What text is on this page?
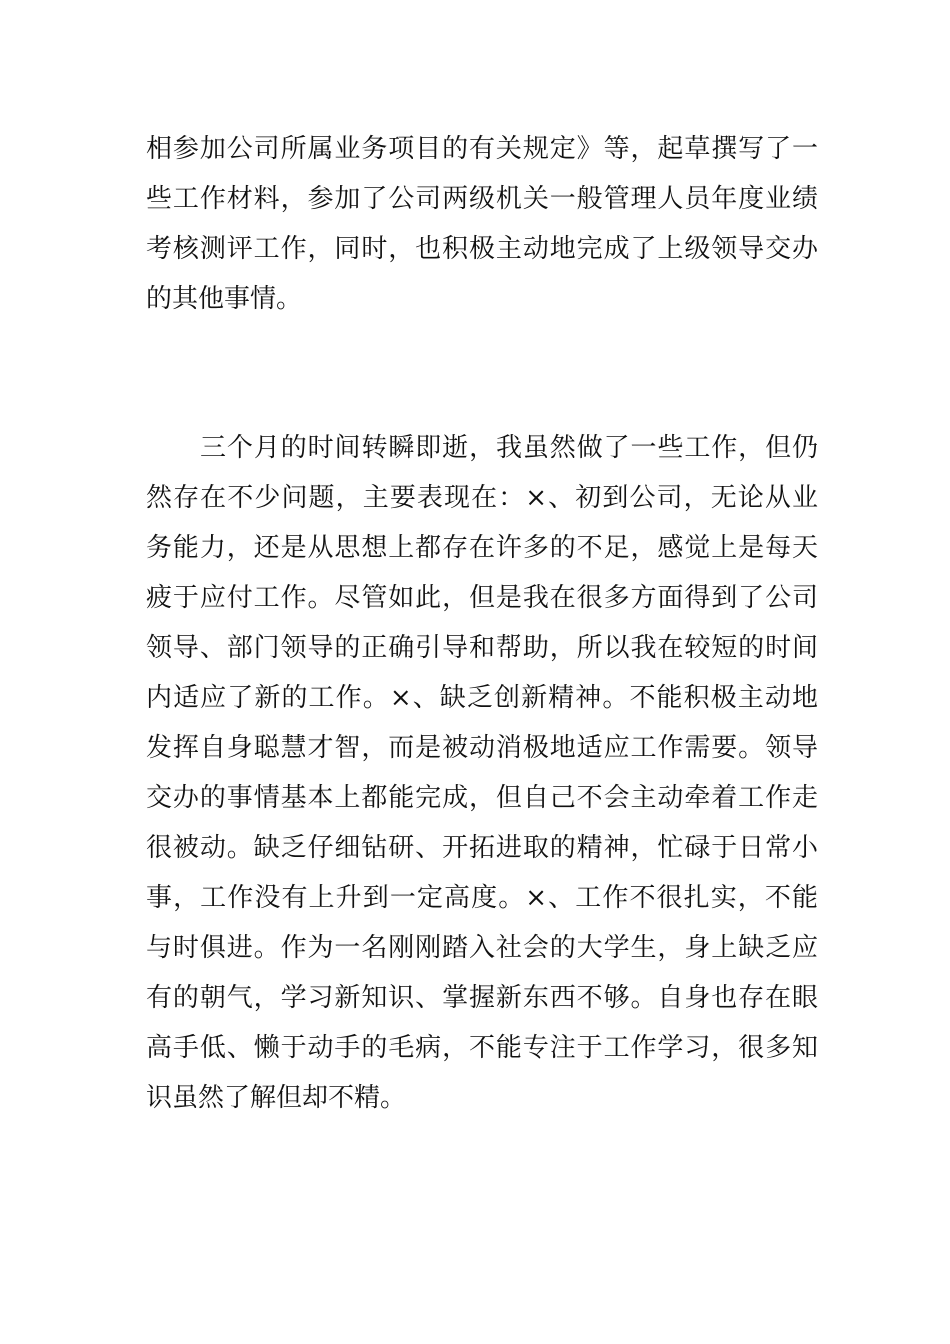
相参加公司所属业务项目的有关规定》等，起草撰写了一
些工作材料，参加了公司两级机关一般管理人员年度业绩
考核测评工作，同时，也积极主动地完成了上级领导交办
的其他事情。
三个月的时间转瞬即逝，我虽然做了一些工作，但仍
然存在不少问题，主要表现在：×、初到公司，无论从业
务能力，还是从思想上都存在许多的不足，感觉上是每天
疲于应付工作。尽管如此，但是我在很多方面得到了公司
领导、部门领导的正确引导和帮助，所以我在较短的时间
内适应了新的工作。×、缺乏创新精神。不能积极主动地
发挥自身聪慧才智，而是被动消极地适应工作需要。领导
交办的事情基本上都能完成，但自己不会主动牵着工作走
很被动。缺乏仔细钻研、开拓进取的精神，忙碌于日常小
事，工作没有上升到一定高度。×、工作不很扎实，不能
与时俱进。作为一名刚刚踏入社会的大学生，身上缺乏应
有的朝气，学习新知识、掌握新东西不够。自身也存在眼
高手低、懒于动手的毛病，不能专注于工作学习，很多知
识虽然了解但却不精。
